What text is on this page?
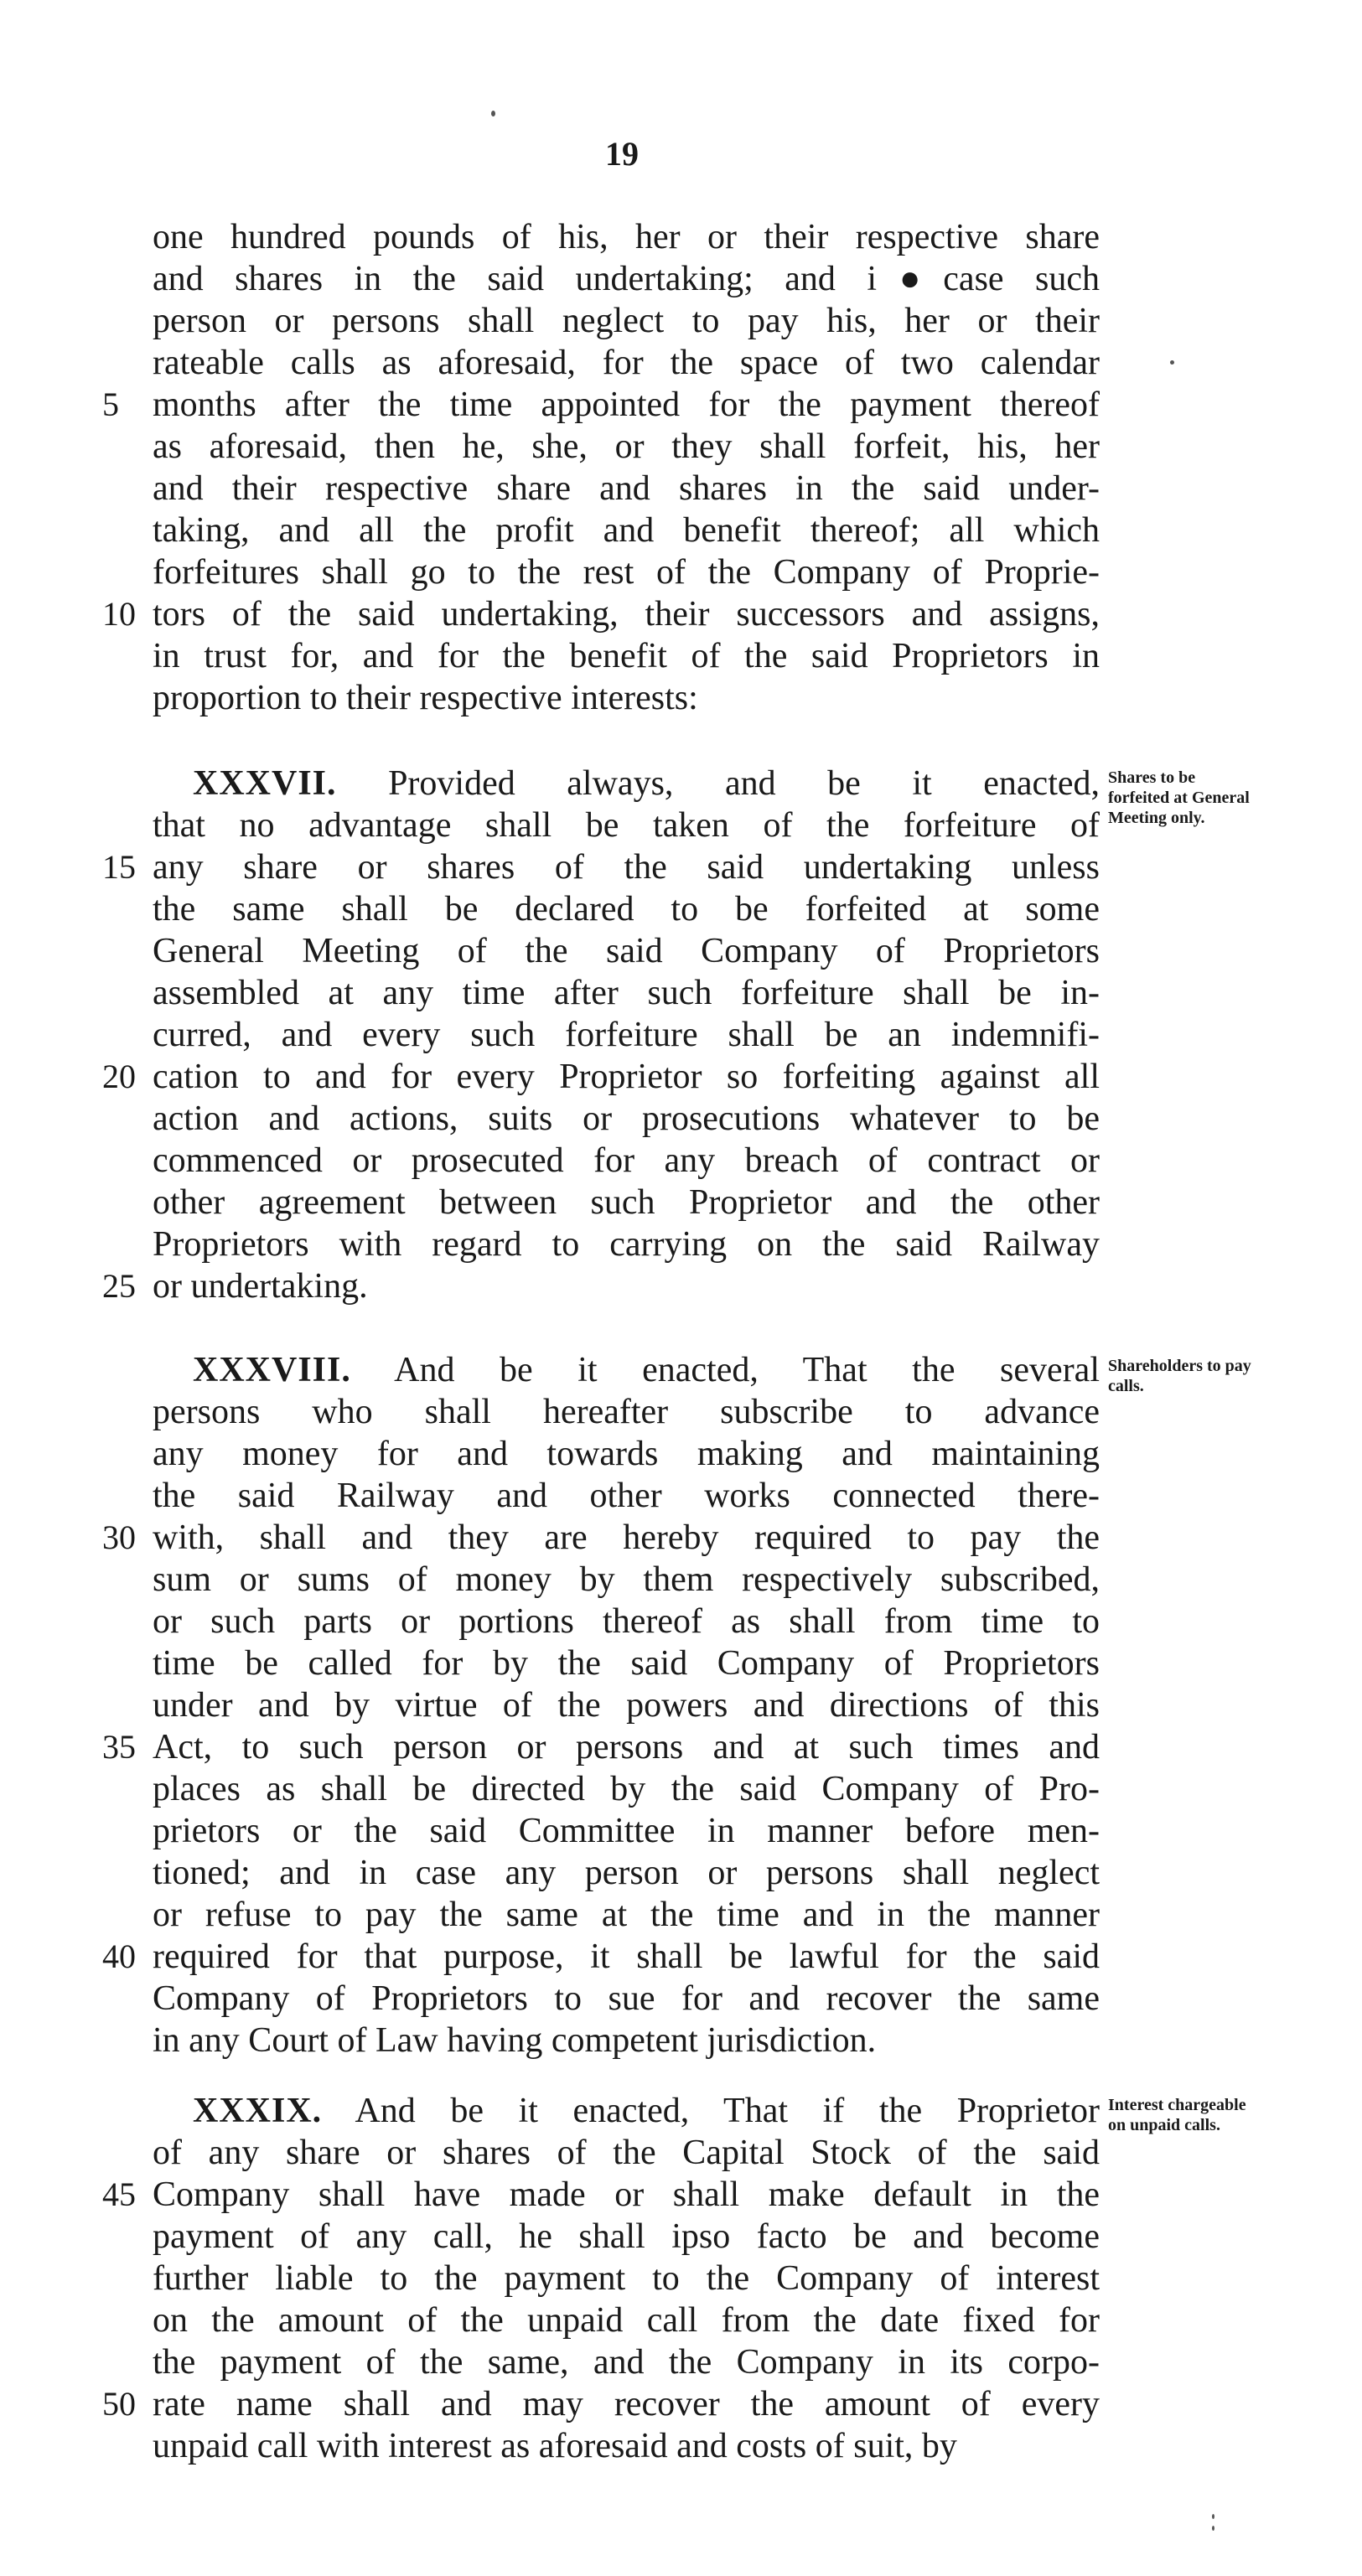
19
one hundred pounds of his, her or their respective share
and shares in the said undertaking; and i●case such
person or persons shall neglect to pay his, her or their
rateable calls as aforesaid, for the space of two calendar
5 months after the time appointed for the payment thereof
as aforesaid, then he, she, or they shall forfeit, his, her
and their respective share and shares in the said under-
taking, and all the profit and benefit thereof; all which
forfeitures shall go to the rest of the Company of Proprie-
10 tors of the said undertaking, their successors and assigns,
in trust for, and for the benefit of the said Proprietors in
proportion to their respective interests:
XXXVII. Provided always, and be it enacted,
that no advantage shall be taken of the forfeiture of
15 any share or shares of the said undertaking unless
the same shall be declared to be forfeited at some
General Meeting of the said Company of Proprietors
assembled at any time after such forfeiture shall be in-
curred, and every such forfeiture shall be an indemnifi-
20 cation to and for every Proprietor so forfeiting against all
action and actions, suits or prosecutions whatever to be
commenced or prosecuted for any breach of contract or
other agreement between such Proprietor and the other
Proprietors with regard to carrying on the said Railway
25 or undertaking.
Shares to be forfeited at General Meeting only.
XXXVIII. And be it enacted, That the several
persons who shall hereafter subscribe to advance
any money for and towards making and maintaining
the said Railway and other works connected there-
30 with, shall and they are hereby required to pay the
sum or sums of money by them respectively subscribed,
or such parts or portions thereof as shall from time to
time be called for by the said Company of Proprietors
under and by virtue of the powers and directions of this
35 Act, to such person or persons and at such times and
places as shall be directed by the said Company of Pro-
prietors or the said Committee in manner before men-
tioned; and in case any person or persons shall neglect
or refuse to pay the same at the time and in the manner
40 required for that purpose, it shall be lawful for the said
Company of Proprietors to sue for and recover the same
in any Court of Law having competent jurisdiction.
Shareholders to pay calls.
XXXIX. And be it enacted, That if the Proprietor
of any share or shares of the Capital Stock of the said
45 Company shall have made or shall make default in the
payment of any call, he shall ipso facto be and become
further liable to the payment to the Company of interest
on the amount of the unpaid call from the date fixed for
the payment of the same, and the Company in its corpo-
50 rate name shall and may recover the amount of every
unpaid call with interest as aforesaid and costs of suit, by
Interest chargeable on unpaid calls.
